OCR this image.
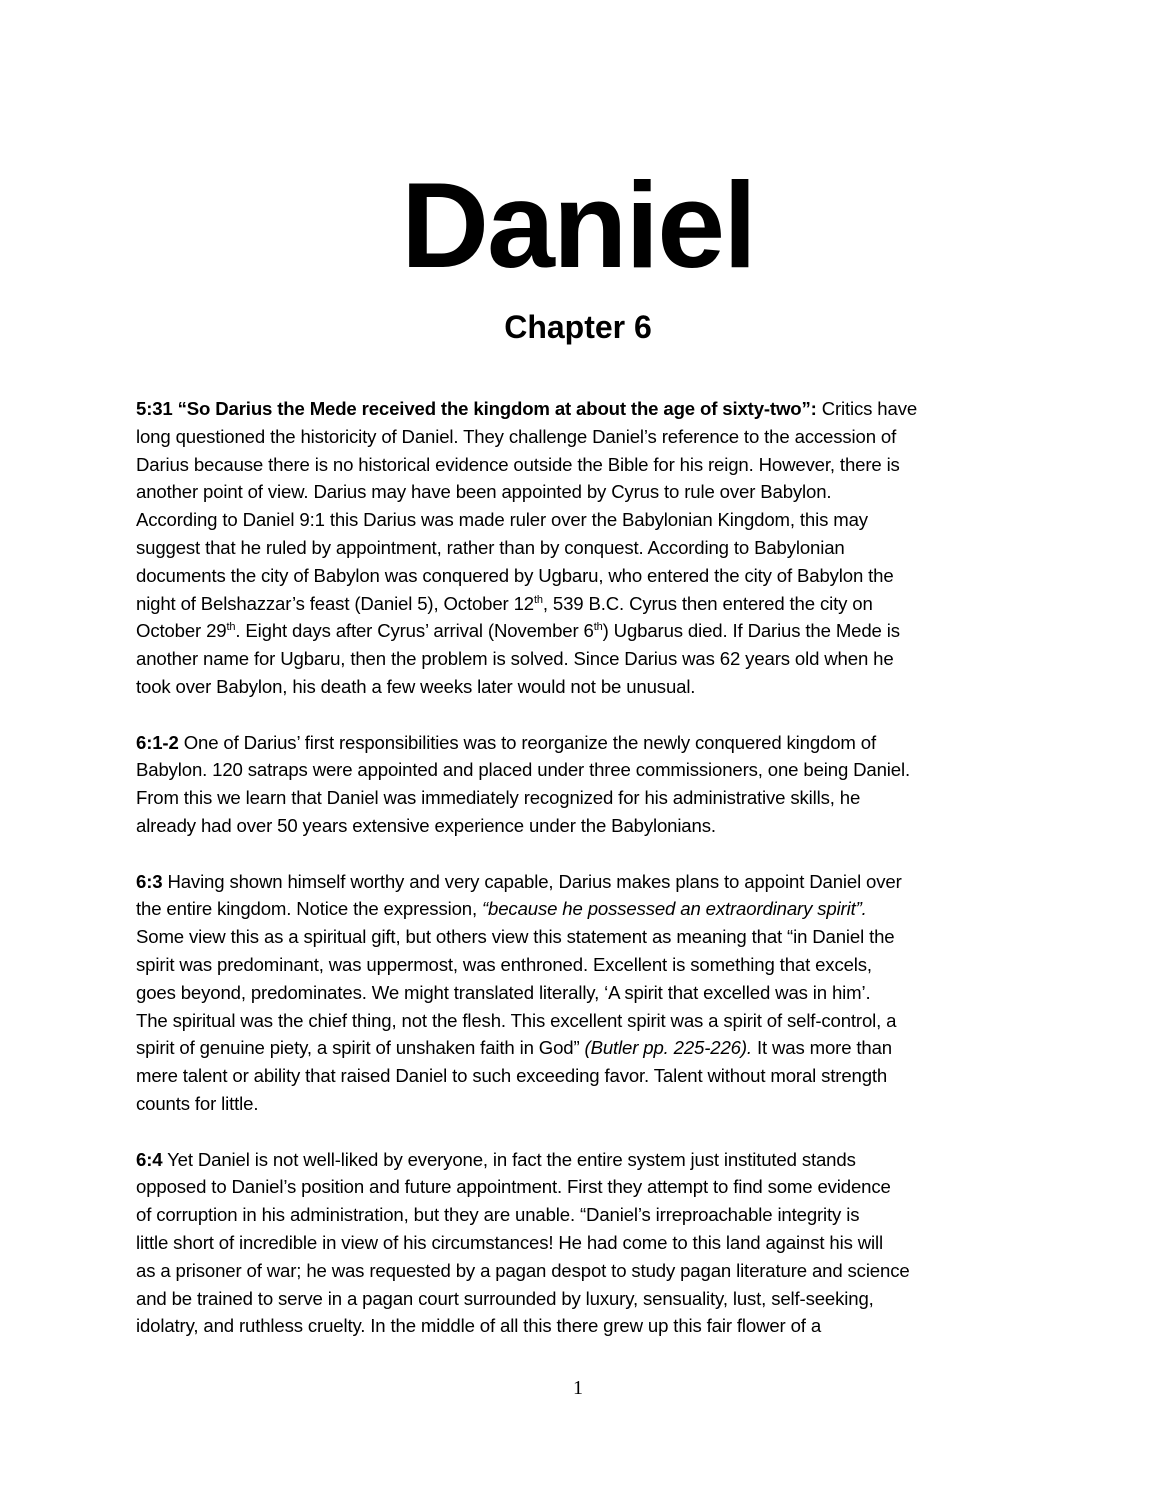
Daniel
Chapter 6

5:31 “So Darius the Mede received the kingdom at about the age of sixty-two”: Critics have
long questioned the historicity of Daniel. They challenge Daniel’s reference to the accession of
Darius because there is no historical evidence outside the Bible for his reign. However, there is
another point of view. Darius may have been appointed by Cyrus to rule over Babylon.
According to Daniel 9:1 this Darius was made ruler over the Babylonian Kingdom, this may
suggest that he ruled by appointment, rather than by conquest. According to Babylonian
documents the city of Babylon was conquered by Ugbaru, who entered the city of Babylon the
night of Belshazzar’s feast (Daniel 5), October 12th, 539 B.C. Cyrus then entered the city on
October 29th. Eight days after Cyrus’ arrival (November 6th) Ugbarus died. If Darius the Mede is
another name for Ugbaru, then the problem is solved. Since Darius was 62 years old when he
took over Babylon, his death a few weeks later would not be unusual.

6:1-2 One of Darius’ first responsibilities was to reorganize the newly conquered kingdom of
Babylon. 120 satraps were appointed and placed under three commissioners, one being Daniel.
From this we learn that Daniel was immediately recognized for his administrative skills, he
already had over 50 years extensive experience under the Babylonians.

6:3 Having shown himself worthy and very capable, Darius makes plans to appoint Daniel over
the entire kingdom. Notice the expression, “because he possessed an extraordinary spirit”.
Some view this as a spiritual gift, but others view this statement as meaning that “in Daniel the
spirit was predominant, was uppermost, was enthroned. Excellent is something that excels,
goes beyond, predominates. We might translated literally, ‘A spirit that excelled was in him’.
The spiritual was the chief thing, not the flesh. This excellent spirit was a spirit of self-control, a
spirit of genuine piety, a spirit of unshaken faith in God” (Butler pp. 225-226). It was more than
mere talent or ability that raised Daniel to such exceeding favor. Talent without moral strength
counts for little.

6:4 Yet Daniel is not well-liked by everyone, in fact the entire system just instituted stands
opposed to Daniel’s position and future appointment. First they attempt to find some evidence
of corruption in his administration, but they are unable. “Daniel’s irreproachable integrity is
little short of incredible in view of his circumstances! He had come to this land against his will
as a prisoner of war; he was requested by a pagan despot to study pagan literature and science
and be trained to serve in a pagan court surrounded by luxury, sensuality, lust, self-seeking,
idolatry, and ruthless cruelty. In the middle of all this there grew up this fair flower of a

1
